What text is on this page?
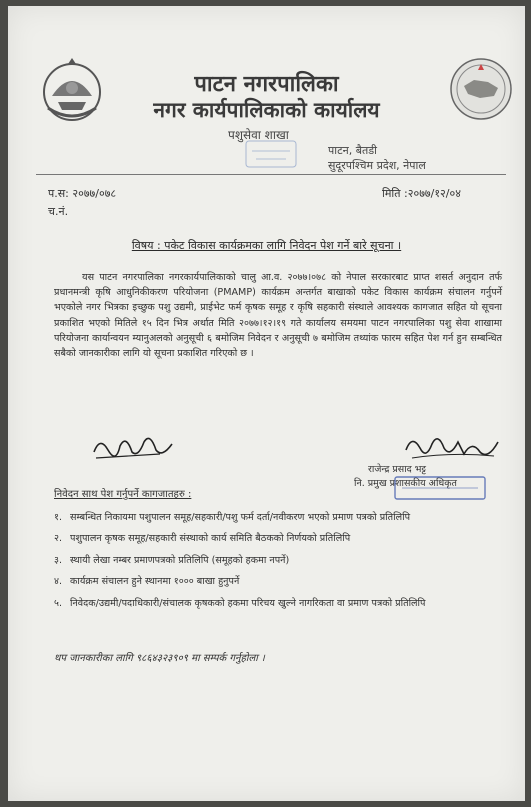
पाटन नगरपालिका
नगर कार्यपालिकाको कार्यालय
पशुसेवा शाखा
पाटन, बैतडी
सुदूरपश्चिम प्रदेश, नेपाल
प.स: २०७७/०७८
च.नं.
मिति :२०७७/१२/०४
विषय : पकेट विकास कार्यक्रमका लागि निवेदन पेश गर्ने बारे सूचना ।
यस पाटन नगरपालिका नगरकार्यपालिकाको चालु आ.व. २०७७।०७८ को नेपाल सरकारबाट प्राप्त शसर्त अनुदान तर्फ प्रधानमन्त्री कृषि आधुनिकीकरण परियोजना (PMAMP) कार्यक्रम अन्तर्गत बाखाको पकेट विकास कार्यक्रम संचालन गर्नुपर्ने भएकोले नगर भित्रका इच्छुक पशु उद्यमी, प्राईभेट फर्म कृषक समूह र कृषि सहकारी संस्थाले आवश्यक कागजात सहित यो सूचना प्रकाशित भएको मितिले १५ दिन भित्र अर्थात मिति २०७७।१२।१९ गते कार्यालय समयमा पाटन नगरपालिका पशु सेवा शाखामा परियोजना कार्यान्वयन म्यानुअलको अनुसूची ६ बमोजिम निवेदन र अनुसूची ७ बमोजिम तथ्यांक फारम सहित पेश गर्न हुन सम्बन्धित सबैको जानकारीका लागि यो सूचना प्रकाशित गरिएको छ ।
राजेन्द्र प्रसाद भट्ट
नि. प्रमुख प्रशासकीय अधिकृत
निवेदन साथ पेश गर्नुपर्ने कागजातहरु :
१. सम्बन्धित निकायमा पशुपालन समूह/सहकारी/पशु फर्म दर्ता/नवीकरण भएको प्रमाण पत्रको प्रतिलिपि
२. पशुपालन कृषक समूह/सहकारी संस्थाको कार्य समिति बैठकको निर्णयको प्रतिलिपि
३. स्थायी लेखा नम्बर प्रमाणपत्रको प्रतिलिपि (समूहको हकमा नपर्ने)
४. कार्यक्रम संचालन हुने स्थानमा १००० बाखा हुनुपर्ने
५. निवेदक/उद्यमी/पदाधिकारी/संचालक कृषकको हकमा परिचय खुल्ने नागरिकता वा प्रमाण पत्रको प्रतिलिपि
थप जानकारीका लागि ९८६४३२३९०९ मा सम्पर्क गर्नुहोला ।
